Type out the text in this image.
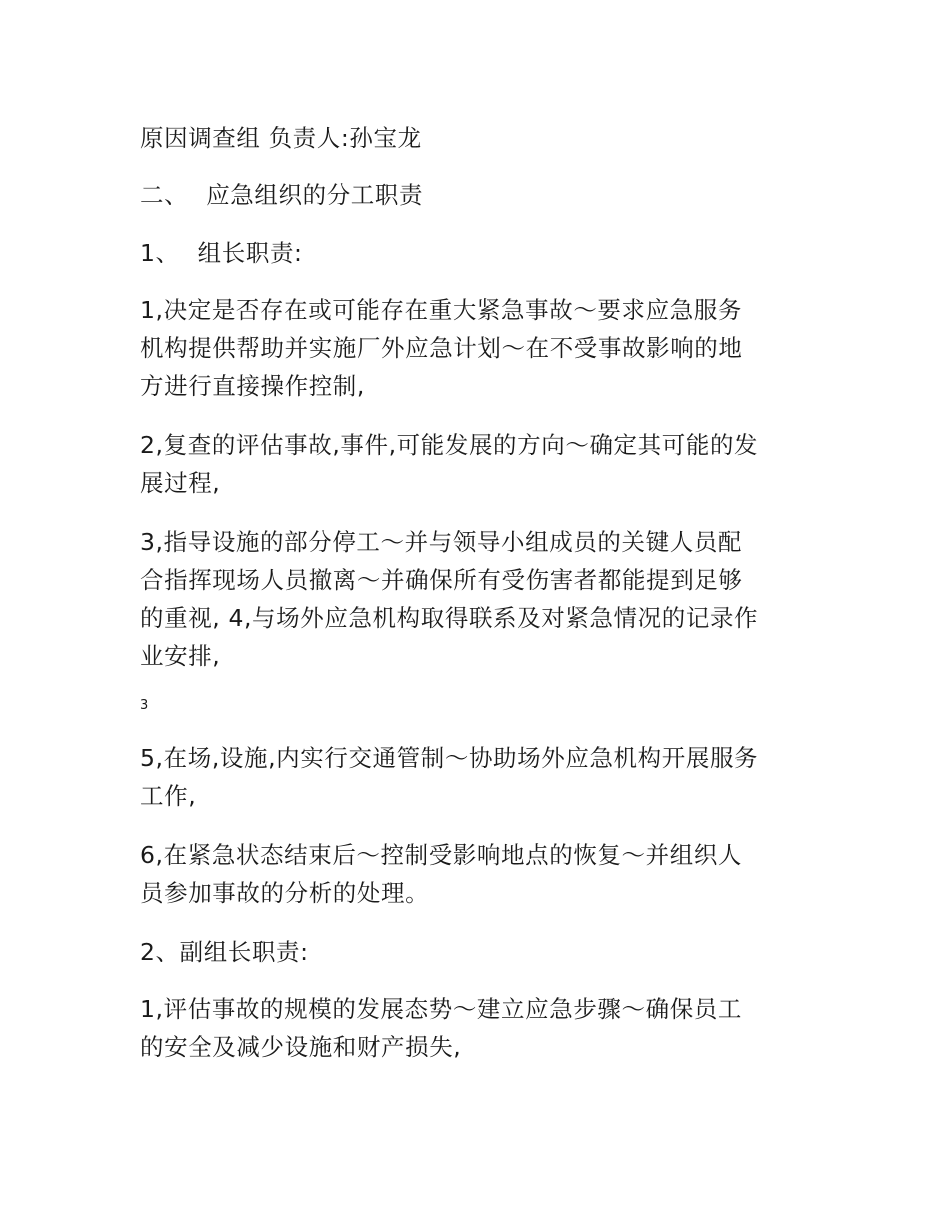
原因调查组 负责人:孙宝龙

二、 应急组织的分工职责

1、 组长职责:

1,决定是否存在或可能存在重大紧急事故～要求应急服务
机构提供帮助并实施厂外应急计划～在不受事故影响的地
方进行直接操作控制,

2,复查的评估事故,事件,可能发展的方向～确定其可能的发
展过程,

3,指导设施的部分停工～并与领导小组成员的关键人员配
合指挥现场人员撤离～并确保所有受伤害者都能提到足够
的重视, 4,与场外应急机构取得联系及对紧急情况的记录作
业安排,

3

5,在场,设施,内实行交通管制～协助场外应急机构开展服务
工作,

6,在紧急状态结束后～控制受影响地点的恢复～并组织人
员参加事故的分析的处理。

2、副组长职责:

1,评估事故的规模的发展态势～建立应急步骤～确保员工
的安全及减少设施和财产损失,
